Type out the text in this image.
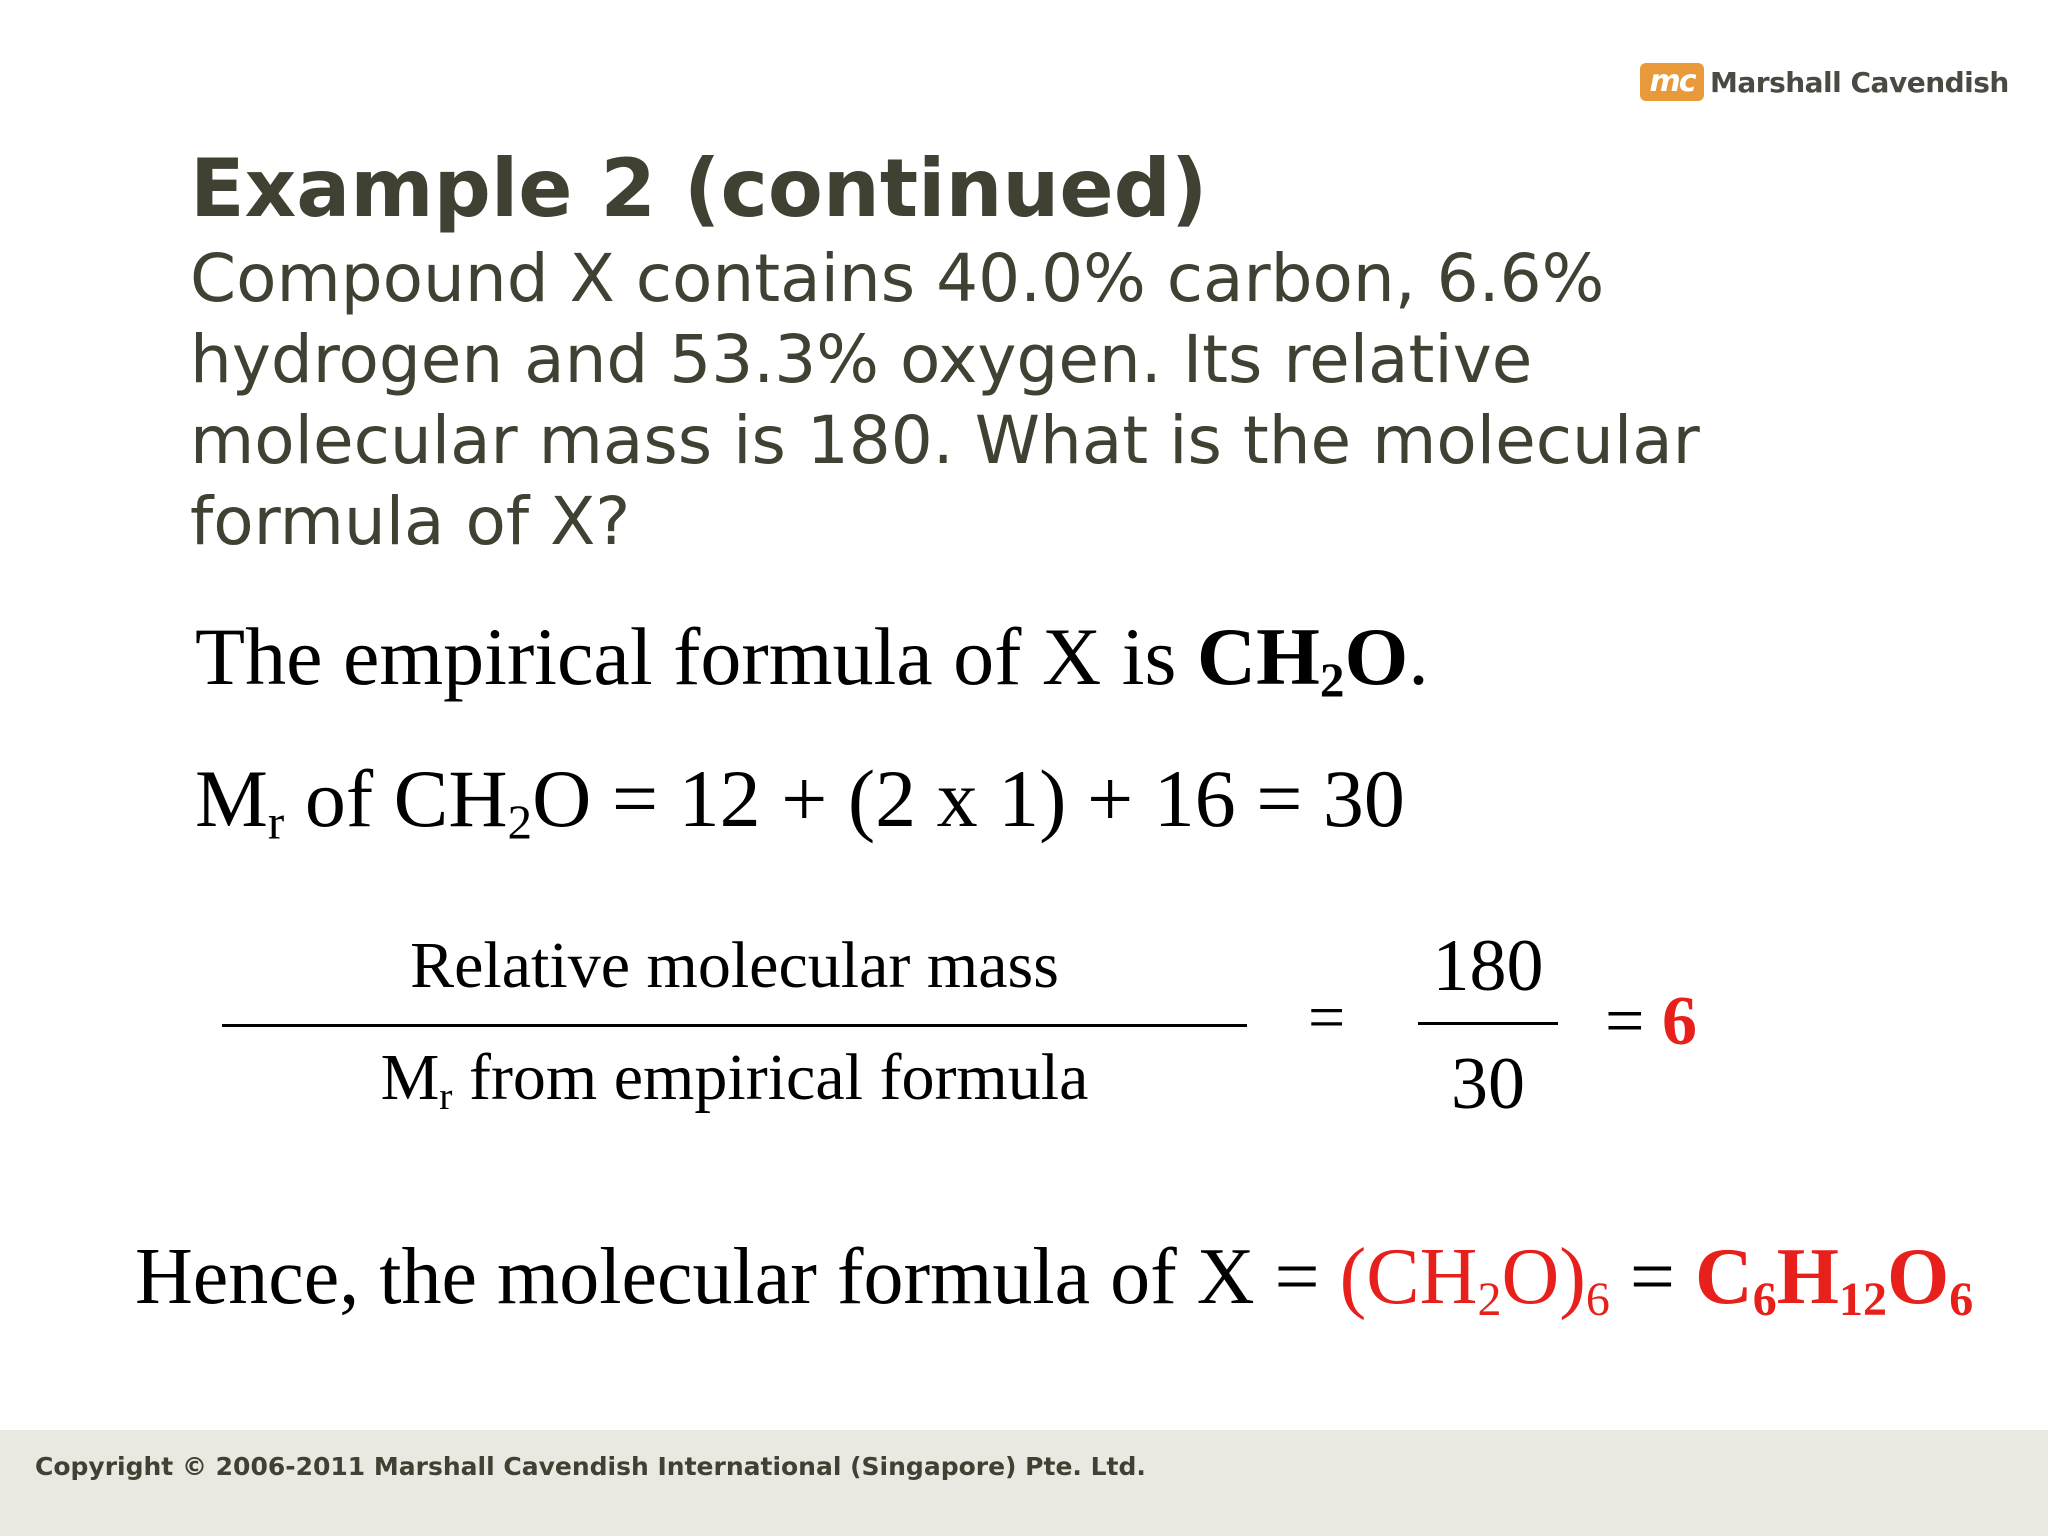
mc Marshall Cavendish
Example 2 (continued)

Compound X contains 40.0% carbon, 6.6% hydrogen and 53.3% oxygen. Its relative molecular mass is 180. What is the molecular formula of X?

The empirical formula of X is $CH_2O$.
$M_r$ of $CH_2O = 12 + (2$ x 1) + 16 = 30
Relative molecular mass
$M_r$ from empirical formula
=
180
30
= 6
Hence, the molecular formula of $X = (CH_2O)_6 = C_6H_{12}O_6$
Copyright © 2006-2011 Marshall Cavendish International (Singapore) Pte. Ltd.
